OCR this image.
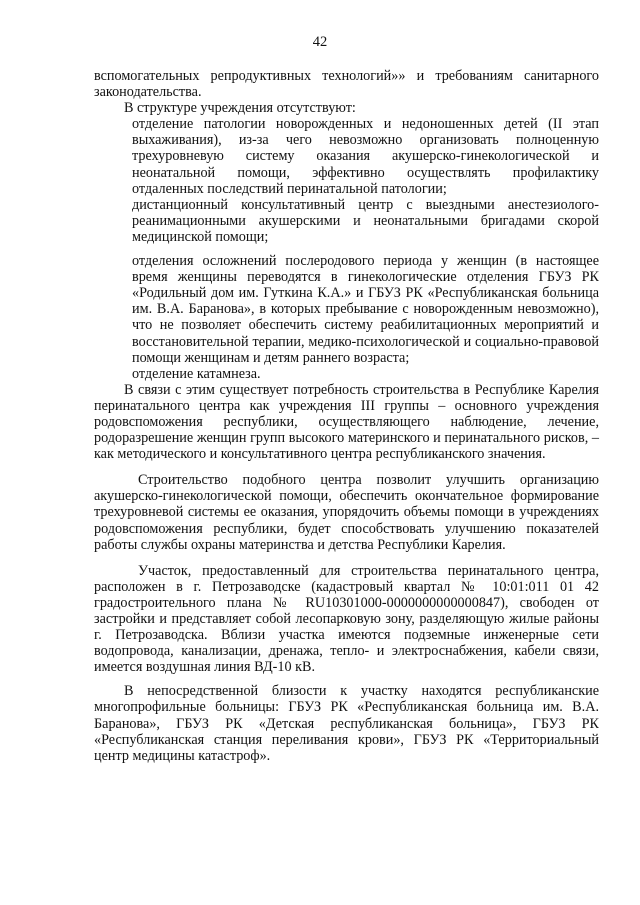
42

вспомогательных репродуктивных технологий»» и требованиям санитарного законодательства.

В структуре учреждения отсутствуют:

отделение патологии новорожденных и недоношенных детей (II этап выхаживания), из-за чего невозможно организовать полноценную трехуровневую систему оказания акушерско-гинекологической и неонатальной помощи, эффективно осуществлять профилактику отдаленных последствий перинатальной патологии;

дистанционный консультативный центр с выездными анестезиолого-реанимационными акушерскими и неонатальными бригадами скорой медицинской помощи;

отделения осложнений послеродового периода у женщин (в настоящее время женщины переводятся в гинекологические отделения ГБУЗ РК «Родильный дом им. Гуткина К.А.» и ГБУЗ РК «Республиканская больница им. В.А. Баранова», в которых пребывание с новорожденным невозможно), что не позволяет обеспечить систему реабилитационных мероприятий и восстановительной терапии, медико-психологической и социально-правовой помощи женщинам и детям раннего возраста;

отделение катамнеза.

В связи с этим существует потребность строительства в Республике Карелия перинатального центра как учреждения III группы – основного учреждения родовспоможения республики, осуществляющего наблюдение, лечение, родоразрешение женщин групп высокого материнского и перинатального рисков, – как методического и консультативного центра республиканского значения.

Строительство подобного центра позволит улучшить организацию акушерско-гинекологической помощи, обеспечить окончательное формирование трехуровневой системы ее оказания, упорядочить объемы помощи в учреждениях родовспоможения республики, будет способствовать улучшению показателей работы службы охраны материнства и детства Республики Карелия.

Участок, предоставленный для строительства перинатального центра, расположен в г. Петрозаводске (кадастровый квартал № 10:01:011 01 42 градостроительного плана № RU10301000-0000000000000847), свободен от застройки и представляет собой лесопарковую зону, разделяющую жилые районы г. Петрозаводска. Вблизи участка имеются подземные инженерные сети водопровода, канализации, дренажа, тепло- и электроснабжения, кабели связи, имеется воздушная линия ВД-10 кВ.

В непосредственной близости к участку находятся республиканские многопрофильные больницы: ГБУЗ РК «Республиканская больница им. В.А. Баранова», ГБУЗ РК «Детская республиканская больница», ГБУЗ РК «Республиканская станция переливания крови», ГБУЗ РК «Территориальный центр медицины катастроф».
